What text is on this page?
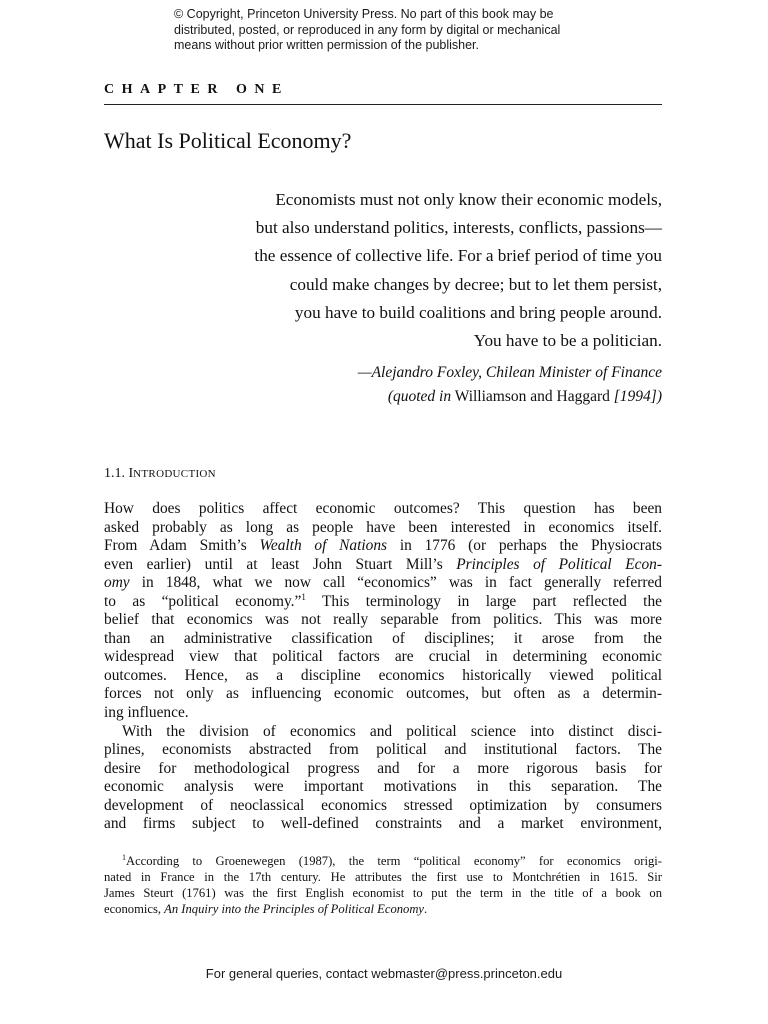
© Copyright, Princeton University Press. No part of this book may be
distributed, posted, or reproduced in any form by digital or mechanical
means without prior written permission of the publisher.
CHAPTER ONE
What Is Political Economy?
Economists must not only know their economic models,
but also understand politics, interests, conflicts, passions—
the essence of collective life. For a brief period of time you
could make changes by decree; but to let them persist,
you have to build coalitions and bring people around.
You have to be a politician.
—Alejandro Foxley, Chilean Minister of Finance
(quoted in Williamson and Haggard [1994])
1.1. INTRODUCTION
How does politics affect economic outcomes? This question has been
asked probably as long as people have been interested in economics itself.
From Adam Smith’s Wealth of Nations in 1776 (or perhaps the Physiocrats
even earlier) until at least John Stuart Mill’s Principles of Political Econ-
omy in 1848, what we now call “economics” was in fact generally referred
to as “political economy.”$^1$ This terminology in large part reflected the
belief that economics was not really separable from politics. This was more
than an administrative classification of disciplines; it arose from the
widespread view that political factors are crucial in determining economic
outcomes. Hence, as a discipline economics historically viewed political
forces not only as influencing economic outcomes, but often as a determin-
ing influence.
With the division of economics and political science into distinct disci-
plines, economists abstracted from political and institutional factors. The
desire for methodological progress and for a more rigorous basis for
economic analysis were important motivations in this separation. The
development of neoclassical economics stressed optimization by consumers
and firms subject to well-defined constraints and a market environment,
$^1$According to Groenewegen (1987), the term “political economy” for economics origi-
nated in France in the 17th century. He attributes the first use to Montchrétien in 1615. Sir
James Steurt (1761) was the first English economist to put the term in the title of a book on
economics, An Inquiry into the Principles of Political Economy.
For general queries, contact webmaster@press.princeton.edu
